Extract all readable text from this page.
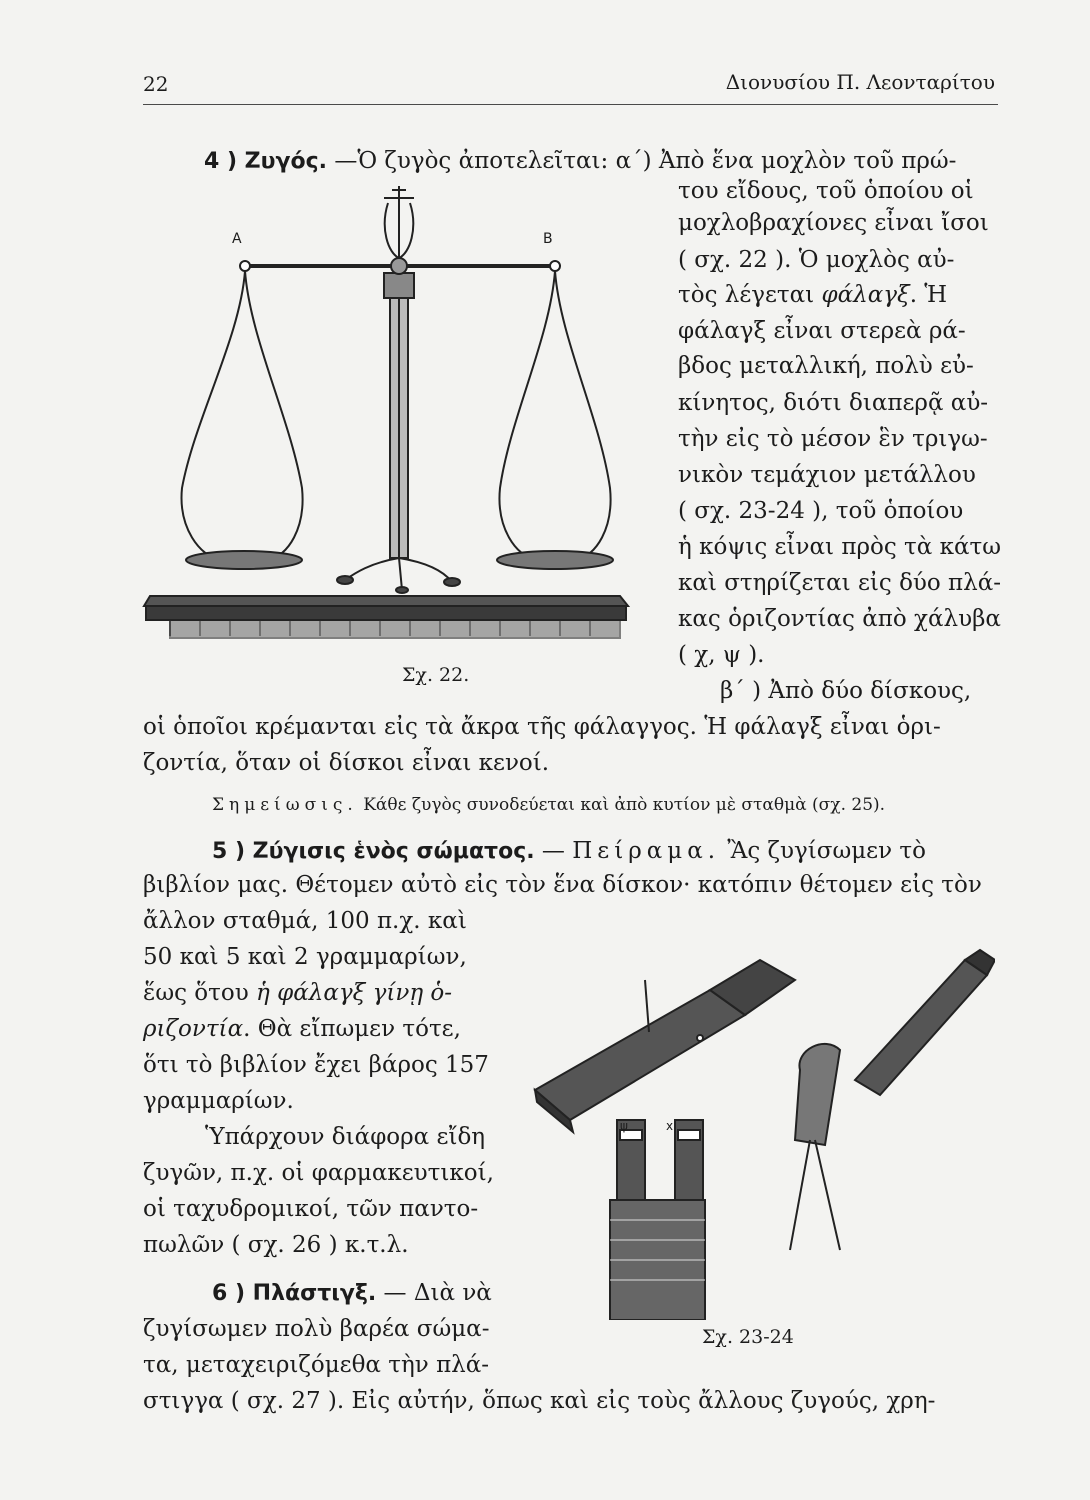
22	Διονυσίου Π. Λεονταρίτου
A	B
Σχ. 22.
4 ) Ζυγός. —Ὁ ζυγὸς ἀποτελεῖται: α΄) Ἀπὸ ἕνα μοχλὸν τοῦ πρώ-
του εἴδους, τοῦ ὁποίου οἱ
μοχλοβραχίονες εἶναι ἴσοι
( σχ. 22 ). Ὁ μοχλὸς αὐ-
τὸς λέγεται φάλαγξ. Ἡ
φάλαγξ εἶναι στερεὰ ρά-
βδος μεταλλική, πολὺ εὐ-
κίνητος, διότι διαπερᾷ αὐ-
τὴν εἰς τὸ μέσον ἓν τριγω-
νικὸν τεμάχιον μετάλλου
( σχ. 23-24 ), τοῦ ὁποίου
ἡ κόψις εἶναι πρὸς τὰ κάτω
καὶ στηρίζεται εἰς δύο πλά-
κας ὁριζοντίας ἀπὸ χάλυβα
( χ, ψ ).
β΄ ) Ἀπὸ δύο δίσκους,
οἱ ὁποῖοι κρέμανται εἰς τὰ ἄκρα τῆς φάλαγγος. Ἡ φάλαγξ εἶναι ὁρι-
ζοντία, ὅταν οἱ δίσκοι εἶναι κενοί.
Σημείωσις. Κάθε ζυγὸς συνοδεύεται καὶ ἀπὸ κυτίον μὲ σταθμὰ (σχ. 25).
5 ) Ζύγισις ἑνὸς σώματος. — Πείραμα. Ἂς ζυγίσωμεν τὸ
βιβλίον μας. Θέτομεν αὐτὸ εἰς τὸν ἕνα δίσκον· κατόπιν θέτομεν εἰς τὸν
ἄλλον σταθμά, 100 π.χ. καὶ
50 καὶ 5 καὶ 2 γραμμαρίων,
ἕως ὅτου ἡ φάλαγξ γίνῃ ὁ-
ριζοντία. Θὰ εἴπωμεν τότε,
ὅτι τὸ βιβλίον ἔχει βάρος 157
γραμμαρίων.
Ὑπάρχουν διάφορα εἴδη
ζυγῶν, π.χ. οἱ φαρμακευτικοί,
οἱ ταχυδρομικοί, τῶν παντο-
πωλῶν ( σχ. 26 ) κ.τ.λ.
ψ	x
Σχ. 23-24
6 ) Πλάστιγξ. — Διὰ νὰ
ζυγίσωμεν πολὺ βαρέα σώμα-
τα, μεταχειριζόμεθα τὴν πλά-
στιγγα ( σχ. 27 ). Εἰς αὐτήν, ὅπως καὶ εἰς τοὺς ἄλλους ζυγούς, χρη-
